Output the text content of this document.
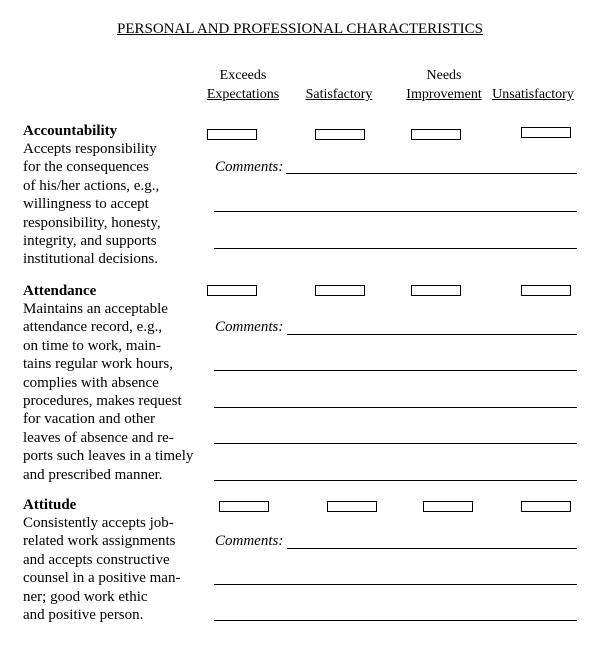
PERSONAL AND PROFESSIONAL CHARACTERISTICS
Exceeds
Expectations	Satisfactory
Needs
Improvement Unsatisfactory
Accountability
Accepts responsibility
for the consequences
of his/her actions, e.g.,
willingness to accept
responsibility, honesty,
integrity, and supports
institutional decisions.
Comments:
Attendance
Maintains an acceptable
attendance record, e.g.,
on time to work, main-
tains regular work hours,
complies with absence
procedures, makes request
for vacation and other
leaves of absence and re-
ports such leaves in a timely
and prescribed manner.
Comments:
Attitude
Consistently accepts job-
related work assignments
and accepts constructive
counsel in a positive man-
ner; good work ethic
and positive person.
Comments:
